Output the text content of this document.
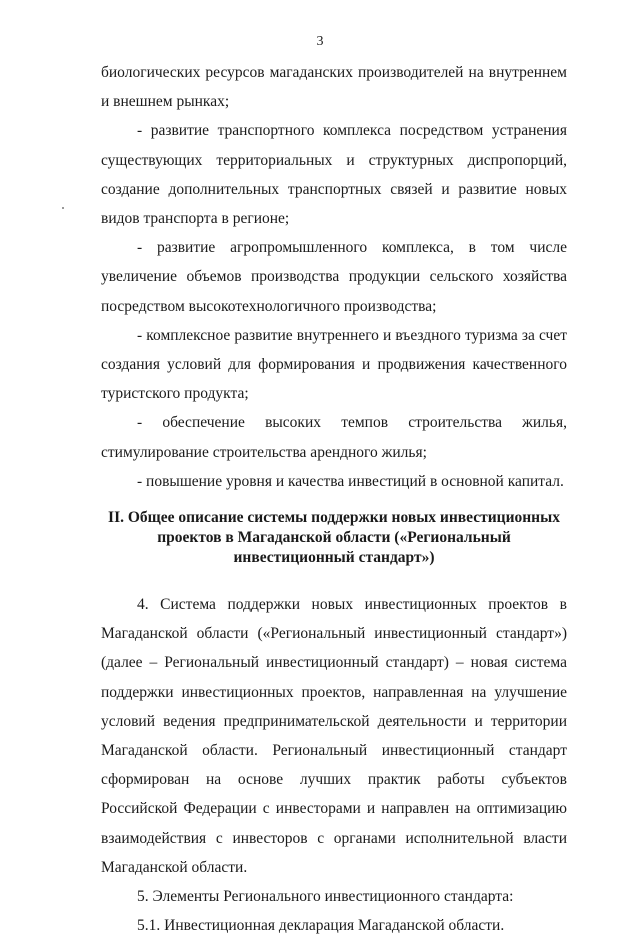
3

биологических ресурсов магаданских производителей на внутреннем и внешнем рынках;

- развитие транспортного комплекса посредством устранения существующих территориальных и структурных диспропорций, создание дополнительных транспортных связей и развитие новых видов транспорта в регионе;

- развитие агропромышленного комплекса, в том числе увеличение объемов производства продукции сельского хозяйства посредством высокотехнологичного производства;

- комплексное развитие внутреннего и въездного туризма за счет создания условий для формирования и продвижения качественного туристского продукта;

- обеспечение высоких темпов строительства жилья, стимулирование строительства арендного жилья;

- повышение уровня и качества инвестиций в основной капитал.

II. Общее описание системы поддержки новых инвестиционных проектов в Магаданской области («Региональный инвестиционный стандарт»)

4. Система поддержки новых инвестиционных проектов в Магаданской области («Региональный инвестиционный стандарт») (далее – Региональный инвестиционный стандарт) – новая система поддержки инвестиционных проектов, направленная на улучшение условий ведения предпринимательской деятельности и территории Магаданской области. Региональный инвестиционный стандарт сформирован на основе лучших практик работы субъектов Российской Федерации с инвесторами и направлен на оптимизацию взаимодействия с инвесторов с органами исполнительной власти Магаданской области.

5. Элементы Регионального инвестиционного стандарта:

5.1. Инвестиционная декларация Магаданской области.
